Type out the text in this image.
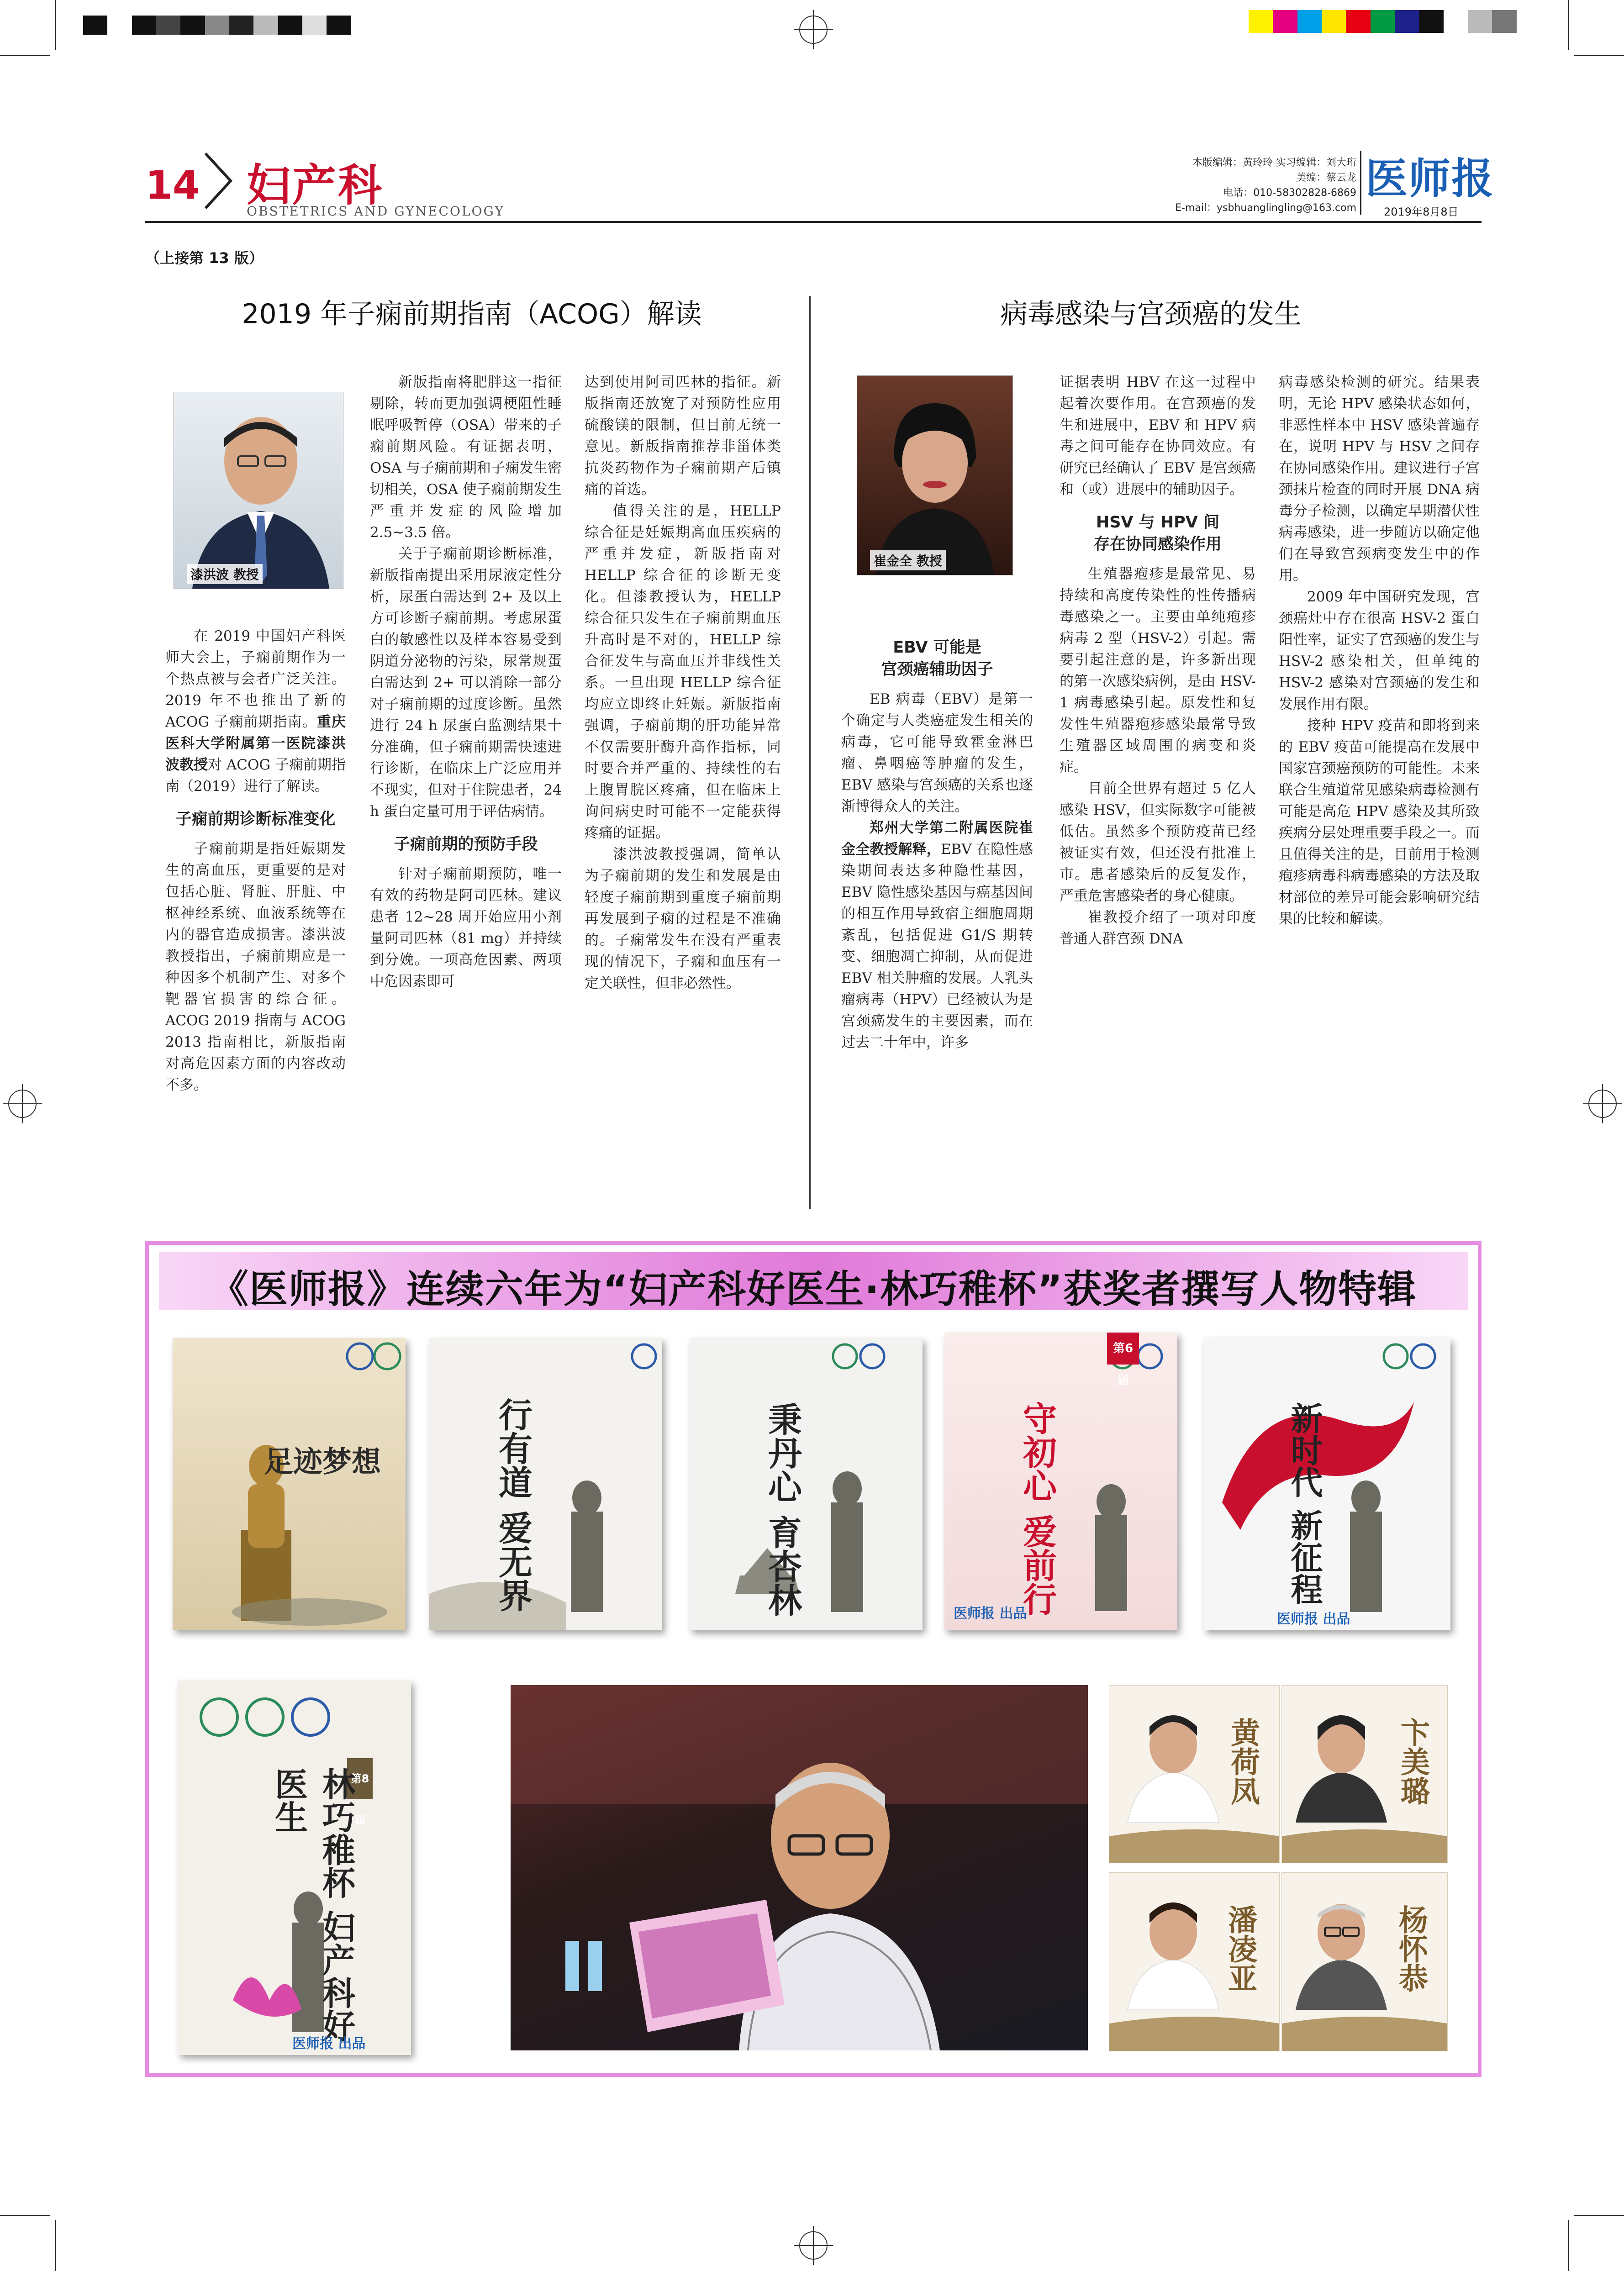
14 妇产科
OBSTETRICS AND GYNECOLOGY
本版编辑：黄玲玲 实习编辑：刘大珩
美编：蔡云龙
电话：010-58302828-6869
E-mail：ysbhuanglingling@163.com
医师报
2019年8月8日
（上接第 13 版）
2019 年子痫前期指南（ACOG）解读
漆洪波 教授

在 2019 中国妇产科医师大会上，子痫前期作为一个热点被与会者广泛关注。2019 年不也推出了新的ACOG 子痫前期指南。重庆医科大学附属第一医院漆洪波教授对 ACOG 子痫前期指南（2019）进行了解读。

子痫前期诊断标准变化

子痫前期是指妊娠期发生的高血压，更重要的是对包括心脏、肾脏、肝脏、中枢神经系统、血液系统等在内的器官造成损害。漆洪波教授指出，子痫前期应是一种因多个机制产生、对多个靶器官损害的综合征。ACOG 2019 指南与 ACOG 2013 指南相比，新版指南对高危因素方面的内容改动不多。

新版指南将肥胖这一指征剔除，转而更加强调梗阻性睡眠呼吸暂停（OSA）带来的子痫前期风险。有证据表明，OSA 与子痫前期和子痫发生密切相关，OSA 使子痫前期发生严重并发症的风险增加 2.5~3.5 倍。

关于子痫前期诊断标准，新版指南提出采用尿液定性分析，尿蛋白需达到 2+ 及以上方可诊断子痫前期。考虑尿蛋白的敏感性以及样本容易受到阴道分泌物的污染，尿常规蛋白需达到 2+ 可以消除一部分对子痫前期的过度诊断。虽然进行 24 h 尿蛋白监测结果十分准确，但子痫前期需快速进行诊断，在临床上广泛应用并不现实，但对于住院患者，24 h 蛋白定量可用于评估病情。

子痫前期的预防手段

针对子痫前期预防，唯一有效的药物是阿司匹林。建议患者 12~28 周开始应用小剂量阿司匹林（81 mg）并持续到分娩。一项高危因素、两项中危因素即可

达到使用阿司匹林的指征。新版指南还放宽了对预防性应用硫酸镁的限制，但目前无统一意见。新版指南推荐非甾体类抗炎药物作为子痫前期产后镇痛的首选。

值得关注的是，HELLP 综合征是妊娠期高血压疾病的严重并发症，新版指南对 HELLP 综合征的诊断无变化。但漆教授认为，HELLP 综合征只发生在子痫前期血压升高时是不对的，HELLP 综合征发生与高血压并非线性关系。一旦出现 HELLP 综合征均应立即终止妊娠。新版指南强调，子痫前期的肝功能异常不仅需要肝酶升高作指标，同时要合并严重的、持续性的右上腹胃脘区疼痛，但在临床上询问病史时可能不一定能获得疼痛的证据。

漆洪波教授强调，简单认为子痫前期的发生和发展是由轻度子痫前期到重度子痫前期再发展到子痫的过程是不准确的。子痫常发生在没有严重表现的情况下，子痫和血压有一定关联性，但非必然性。

病毒感染与宫颈癌的发生
崔金全 教授
EBV 可能是
宫颈癌辅助因子

EB 病毒（EBV）是第一个确定与人类癌症发生相关的病毒，它可能导致霍金淋巴瘤、鼻咽癌等肿瘤的发生，EBV 感染与宫颈癌的关系也逐渐博得众人的关注。

郑州大学第二附属医院崔金全教授解释，EBV 在隐性感染期间表达多种隐性基因，EBV 隐性感染基因与癌基因间的相互作用导致宿主细胞周期紊乱，包括促进 G1/S 期转变、细胞凋亡抑制，从而促进 EBV 相关肿瘤的发展。人乳头瘤病毒（HPV）已经被认为是宫颈癌发生的主要因素，而在过去二十年中，许多

证据表明 HBV 在这一过程中起着次要作用。在宫颈癌的发生和进展中，EBV 和 HPV 病毒之间可能存在协同效应。有研究已经确认了 EBV 是宫颈癌和（或）进展中的辅助因子。

HSV 与 HPV 间
存在协同感染作用

生殖器疱疹是最常见、易持续和高度传染性的性传播病毒感染之一。主要由单纯疱疹病毒 2 型（HSV-2）引起。需要引起注意的是，许多新出现的第一次感染病例，是由 HSV-1 病毒感染引起。原发性和复发性生殖器疱疹感染最常导致生殖器区域周围的病变和炎症。

目前全世界有超过 5 亿人感染 HSV，但实际数字可能被低估。虽然多个预防疫苗已经被证实有效，但还没有批准上市。患者感染后的反复发作，严重危害感染者的身心健康。

崔教授介绍了一项对印度普通人群宫颈 DNA

病毒感染检测的研究。结果表明，无论 HPV 感染状态如何，非恶性样本中 HSV 感染普遍存在，说明 HPV 与 HSV 之间存在协同感染作用。建议进行子宫颈抹片检查的同时开展 DNA 病毒分子检测，以确定早期潜伏性病毒感染，进一步随访以确定他们在导致宫颈病变发生中的作用。

2009 年中国研究发现，宫颈癌灶中存在很高 HSV-2 蛋白阳性率，证实了宫颈癌的发生与 HSV-2 感染相关，但单纯的 HSV-2 感染对宫颈癌的发生和发展作用有限。

接种 HPV 疫苗和即将到来的 EBV 疫苗可能提高在发展中国家宫颈癌预防的可能性。未来联合生殖道常见感染病毒检测有可能是高危 HPV 感染及其所致疾病分层处理重要手段之一。而且值得关注的是，目前用于检测疱疹病毒科病毒感染的方法及取材部位的差异可能会影响研究结果的比较和解读。

《医师报》连续六年为“妇产科好医生·林巧稚杯”获奖者撰写人物特辑
足迹梦想	行有道 爱无界	秉丹心 育杏林
第6届
守初心 爱前行
医师报 出品
新时代 新征程
医师报 出品
第8届
林巧稚杯 妇产科好医生
医师报 出品
黄荷凤	卞美璐
潘凌亚	杨怀恭
